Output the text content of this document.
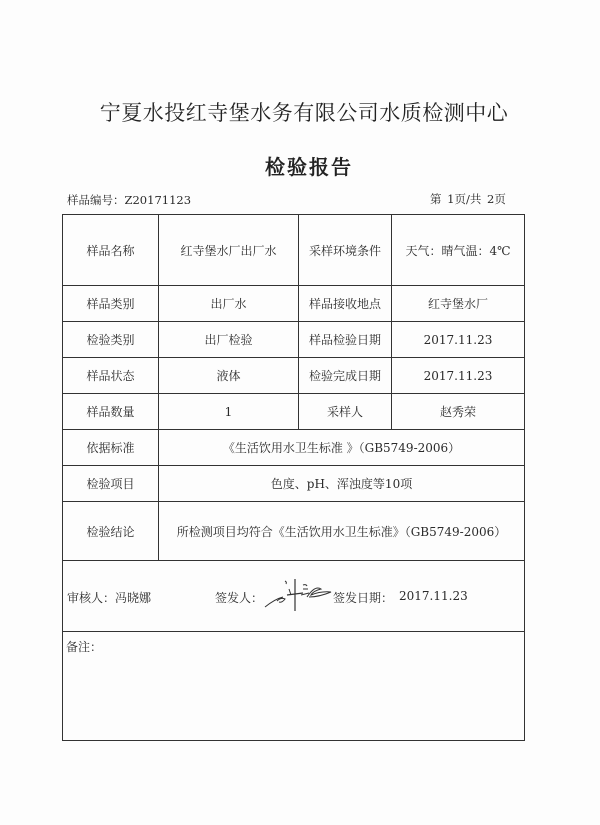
宁夏水投红寺堡水务有限公司水质检测中心
检验报告
样品编号：Z20171123	第 1页/共 2页
样品名称	红寺堡水厂出厂水	采样环境条件	天气：晴气温：4℃
样品类别	出厂水	样品接收地点	红寺堡水厂
检验类别	出厂检验	样品检验日期	2017.11.23
样品状态	液体	检验完成日期	2017.11.23
样品数量	1	采样人	赵秀荣
依据标准	《生活饮用水卫生标准 》（GB5749-2006）		
检验项目	色度、pH、浑浊度等10项		
检验结论	所检测项目均符合《生活饮用水卫生标准》（GB5749-2006）		

审核人：冯晓娜 签发人： 签发日期： 2017.11.23			

备注：			
